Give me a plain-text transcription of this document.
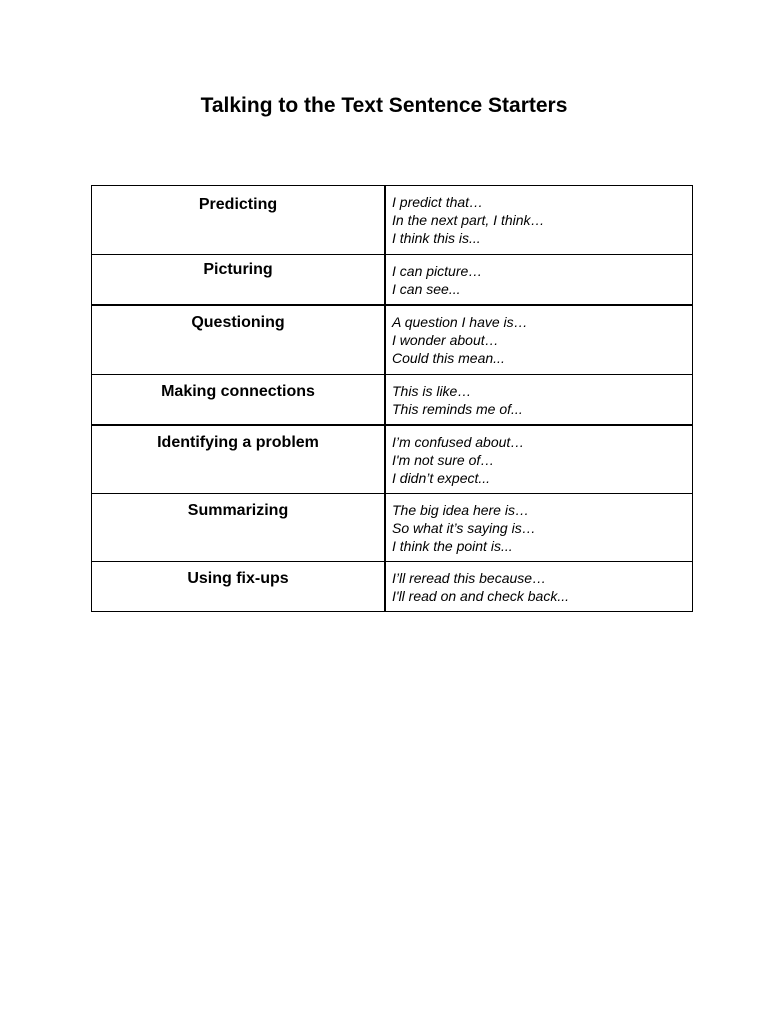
Talking to the Text Sentence Starters
Predicting	I predict that…
In the next part, I think…
I think this is...

Picturing	I can picture…
I can see...

Questioning	A question I have is…
I wonder about…
Could this mean...

Making connections	This is like…
This reminds me of...

Identifying a problem	I’m confused about…
I'm not sure of…
I didn’t expect...

Summarizing	The big idea here is…
So what it’s saying is…
I think the point is...

Using fix-ups	I’ll reread this because…
I'll read on and check back...
